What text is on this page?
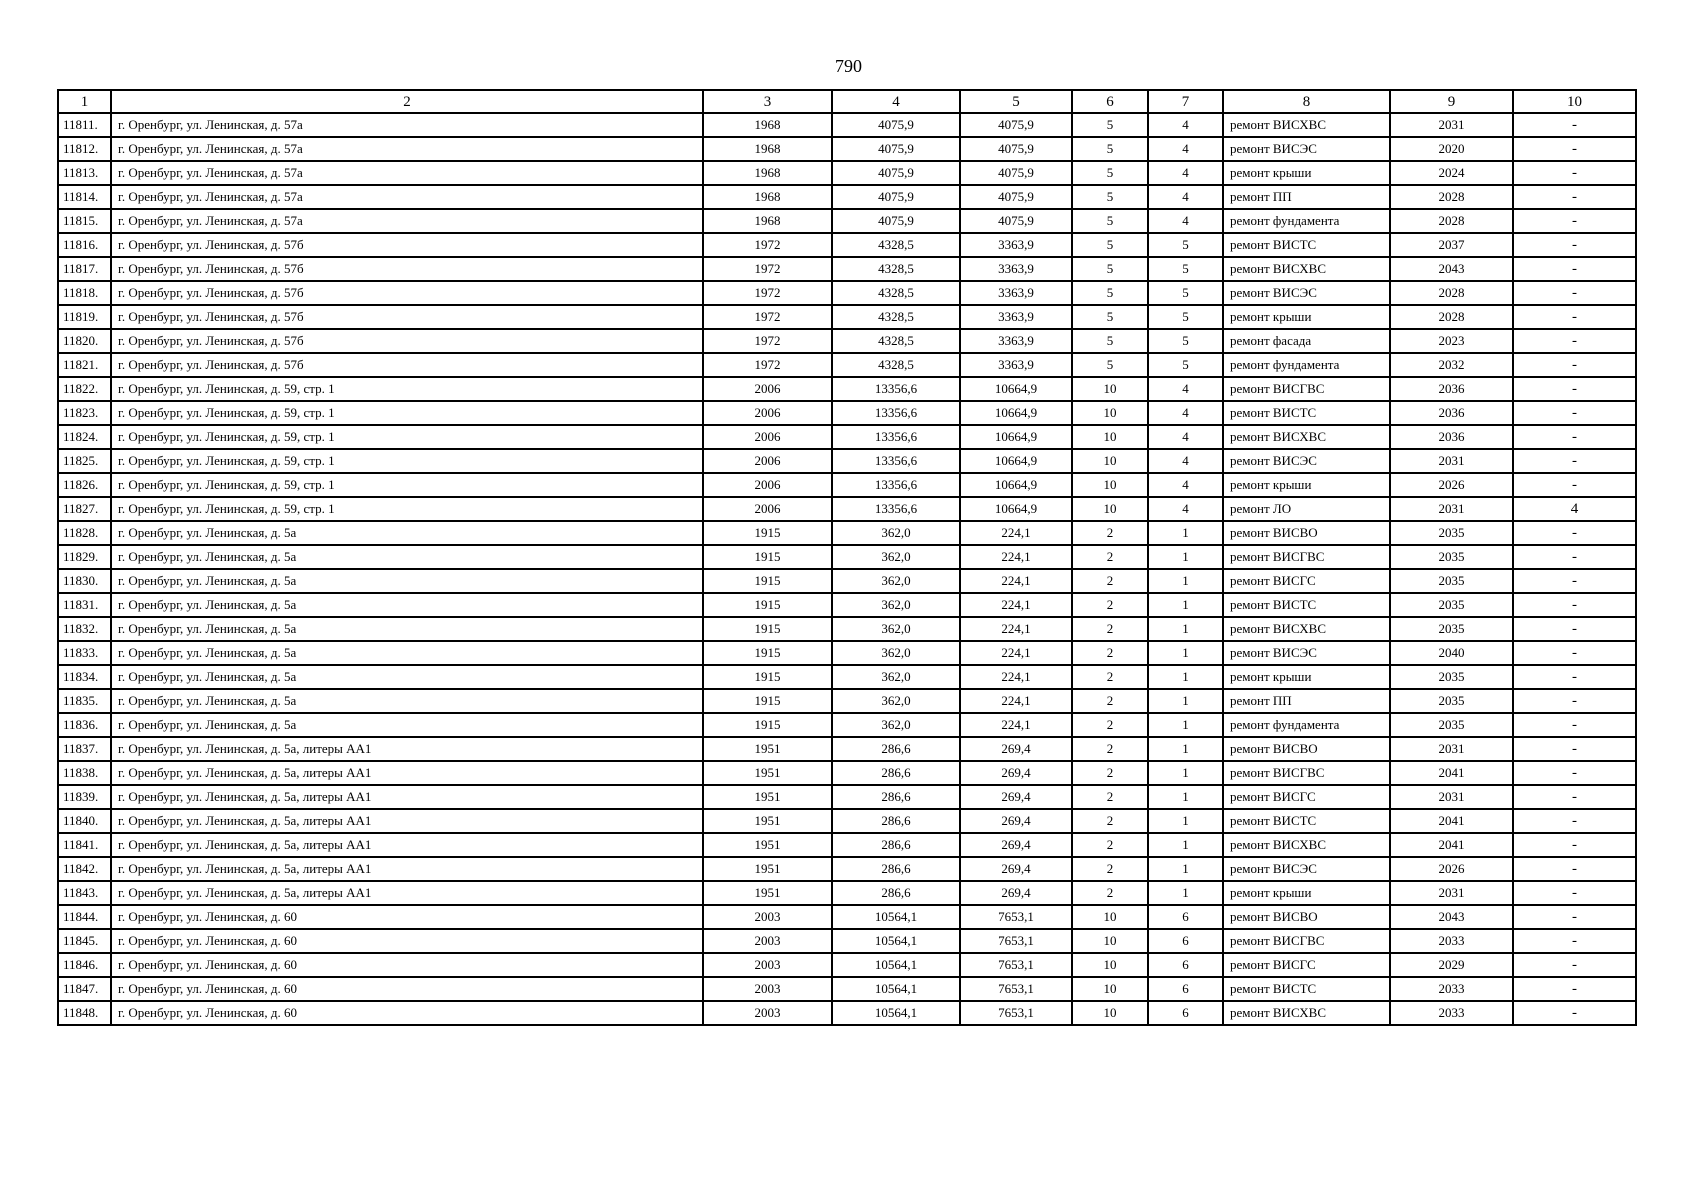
790
1	2	3	4	5	6	7	8	9	10
11811.	г. Оренбург, ул. Ленинская, д. 57а	1968	4075,9	4075,9	5	4	ремонт ВИСХВС	2031	-
11812.	г. Оренбург, ул. Ленинская, д. 57а	1968	4075,9	4075,9	5	4	ремонт ВИСЭС	2020	-
11813.	г. Оренбург, ул. Ленинская, д. 57а	1968	4075,9	4075,9	5	4	ремонт крыши	2024	-
11814.	г. Оренбург, ул. Ленинская, д. 57а	1968	4075,9	4075,9	5	4	ремонт ПП	2028	-
11815.	г. Оренбург, ул. Ленинская, д. 57а	1968	4075,9	4075,9	5	4	ремонт фундамента	2028	-
11816.	г. Оренбург, ул. Ленинская, д. 57б	1972	4328,5	3363,9	5	5	ремонт ВИСТС	2037	-
11817.	г. Оренбург, ул. Ленинская, д. 57б	1972	4328,5	3363,9	5	5	ремонт ВИСХВС	2043	-
11818.	г. Оренбург, ул. Ленинская, д. 57б	1972	4328,5	3363,9	5	5	ремонт ВИСЭС	2028	-
11819.	г. Оренбург, ул. Ленинская, д. 57б	1972	4328,5	3363,9	5	5	ремонт крыши	2028	-
11820.	г. Оренбург, ул. Ленинская, д. 57б	1972	4328,5	3363,9	5	5	ремонт фасада	2023	-
11821.	г. Оренбург, ул. Ленинская, д. 57б	1972	4328,5	3363,9	5	5	ремонт фундамента	2032	-
11822.	г. Оренбург, ул. Ленинская, д. 59, стр. 1	2006	13356,6	10664,9	10	4	ремонт ВИСГВС	2036	-
11823.	г. Оренбург, ул. Ленинская, д. 59, стр. 1	2006	13356,6	10664,9	10	4	ремонт ВИСТС	2036	-
11824.	г. Оренбург, ул. Ленинская, д. 59, стр. 1	2006	13356,6	10664,9	10	4	ремонт ВИСХВС	2036	-
11825.	г. Оренбург, ул. Ленинская, д. 59, стр. 1	2006	13356,6	10664,9	10	4	ремонт ВИСЭС	2031	-
11826.	г. Оренбург, ул. Ленинская, д. 59, стр. 1	2006	13356,6	10664,9	10	4	ремонт крыши	2026	-
11827.	г. Оренбург, ул. Ленинская, д. 59, стр. 1	2006	13356,6	10664,9	10	4	ремонт ЛО	2031	4
11828.	г. Оренбург, ул. Ленинская, д. 5а	1915	362,0	224,1	2	1	ремонт ВИСВО	2035	-
11829.	г. Оренбург, ул. Ленинская, д. 5а	1915	362,0	224,1	2	1	ремонт ВИСГВС	2035	-
11830.	г. Оренбург, ул. Ленинская, д. 5а	1915	362,0	224,1	2	1	ремонт ВИСГС	2035	-
11831.	г. Оренбург, ул. Ленинская, д. 5а	1915	362,0	224,1	2	1	ремонт ВИСТС	2035	-
11832.	г. Оренбург, ул. Ленинская, д. 5а	1915	362,0	224,1	2	1	ремонт ВИСХВС	2035	-
11833.	г. Оренбург, ул. Ленинская, д. 5а	1915	362,0	224,1	2	1	ремонт ВИСЭС	2040	-
11834.	г. Оренбург, ул. Ленинская, д. 5а	1915	362,0	224,1	2	1	ремонт крыши	2035	-
11835.	г. Оренбург, ул. Ленинская, д. 5а	1915	362,0	224,1	2	1	ремонт ПП	2035	-
11836.	г. Оренбург, ул. Ленинская, д. 5а	1915	362,0	224,1	2	1	ремонт фундамента	2035	-
11837.	г. Оренбург, ул. Ленинская, д. 5а, литеры АА1	1951	286,6	269,4	2	1	ремонт ВИСВО	2031	-
11838.	г. Оренбург, ул. Ленинская, д. 5а, литеры АА1	1951	286,6	269,4	2	1	ремонт ВИСГВС	2041	-
11839.	г. Оренбург, ул. Ленинская, д. 5а, литеры АА1	1951	286,6	269,4	2	1	ремонт ВИСГС	2031	-
11840.	г. Оренбург, ул. Ленинская, д. 5а, литеры АА1	1951	286,6	269,4	2	1	ремонт ВИСТС	2041	-
11841.	г. Оренбург, ул. Ленинская, д. 5а, литеры АА1	1951	286,6	269,4	2	1	ремонт ВИСХВС	2041	-
11842.	г. Оренбург, ул. Ленинская, д. 5а, литеры АА1	1951	286,6	269,4	2	1	ремонт ВИСЭС	2026	-
11843.	г. Оренбург, ул. Ленинская, д. 5а, литеры АА1	1951	286,6	269,4	2	1	ремонт крыши	2031	-
11844.	г. Оренбург, ул. Ленинская, д. 60	2003	10564,1	7653,1	10	6	ремонт ВИСВО	2043	-
11845.	г. Оренбург, ул. Ленинская, д. 60	2003	10564,1	7653,1	10	6	ремонт ВИСГВС	2033	-
11846.	г. Оренбург, ул. Ленинская, д. 60	2003	10564,1	7653,1	10	6	ремонт ВИСГС	2029	-
11847.	г. Оренбург, ул. Ленинская, д. 60	2003	10564,1	7653,1	10	6	ремонт ВИСТС	2033	-
11848.	г. Оренбург, ул. Ленинская, д. 60	2003	10564,1	7653,1	10	6	ремонт ВИСХВС	2033	-
